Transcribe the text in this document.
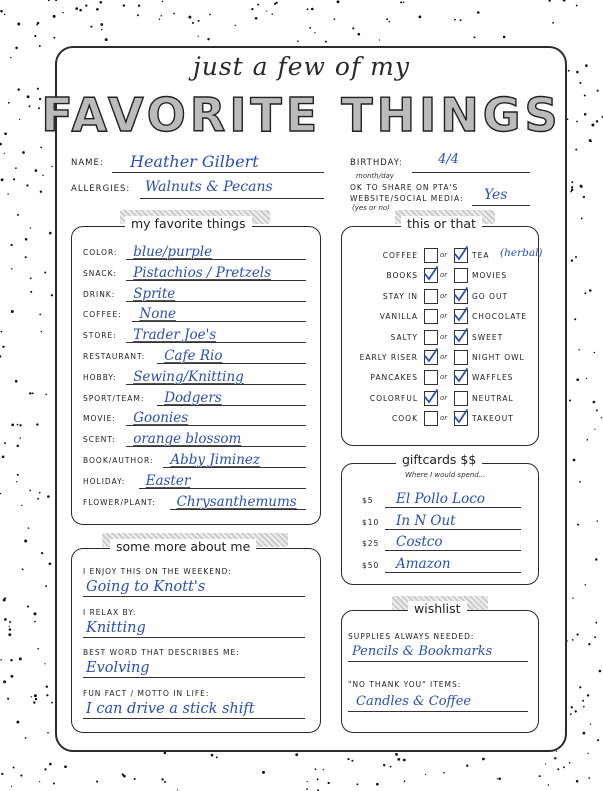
just a few of my
FAVORITE THINGS
NAME: Heather Gilbert	BIRTHDAY:	4/4
month/day
ALLERGIES: Walnuts & Pecans	OK TO SHARE ON PTA'S
WEBSITE/SOCIAL MEDIA:
(yes or no)
Yes
my favorite things	this or that
giftcards $$
Where I would spend...
some more about me
wishlist
SUPPLIES ALWAYS NEEDED:
Pencils & Bookmarks
"NO THANK YOU" ITEMS:
Candles & Coffee
COLOR: blue/purple
SNACK: Pistachios / Pretzels
DRINK: Sprite
COFFEE: None
STORE: Trader Joe's
RESTAURANT: Cafe Rio
HOBBY: Sewing/Knitting
SPORT/TEAM: Dodgers
MOVIE: Goonies
SCENT: orange blossom
BOOK/AUTHOR: Abby Jiminez
HOLIDAY: Easter
FLOWER/PLANT: Chrysanthemums
COFFEE	or	TEA (herbal)
BOOKS	or	MOVIES
STAY IN	or	GO OUT
VANILLA	or	CHOCOLATE
SALTY	or	SWEET
EARLY RISER	or	NIGHT OWL
PANCAKES	or	WAFFLES
COLORFUL	or	NEUTRAL
COOK	or	TAKEOUT
$5 El Pollo Loco
$10 In N Out
$25 Costco
$50 Amazon
I ENJOY THIS ON THE WEEKEND:
Going to Knott's
I RELAX BY:
Knitting
BEST WORD THAT DESCRIBES ME:
Evolving
FUN FACT / MOTTO IN LIFE:
I can drive a stick shift
